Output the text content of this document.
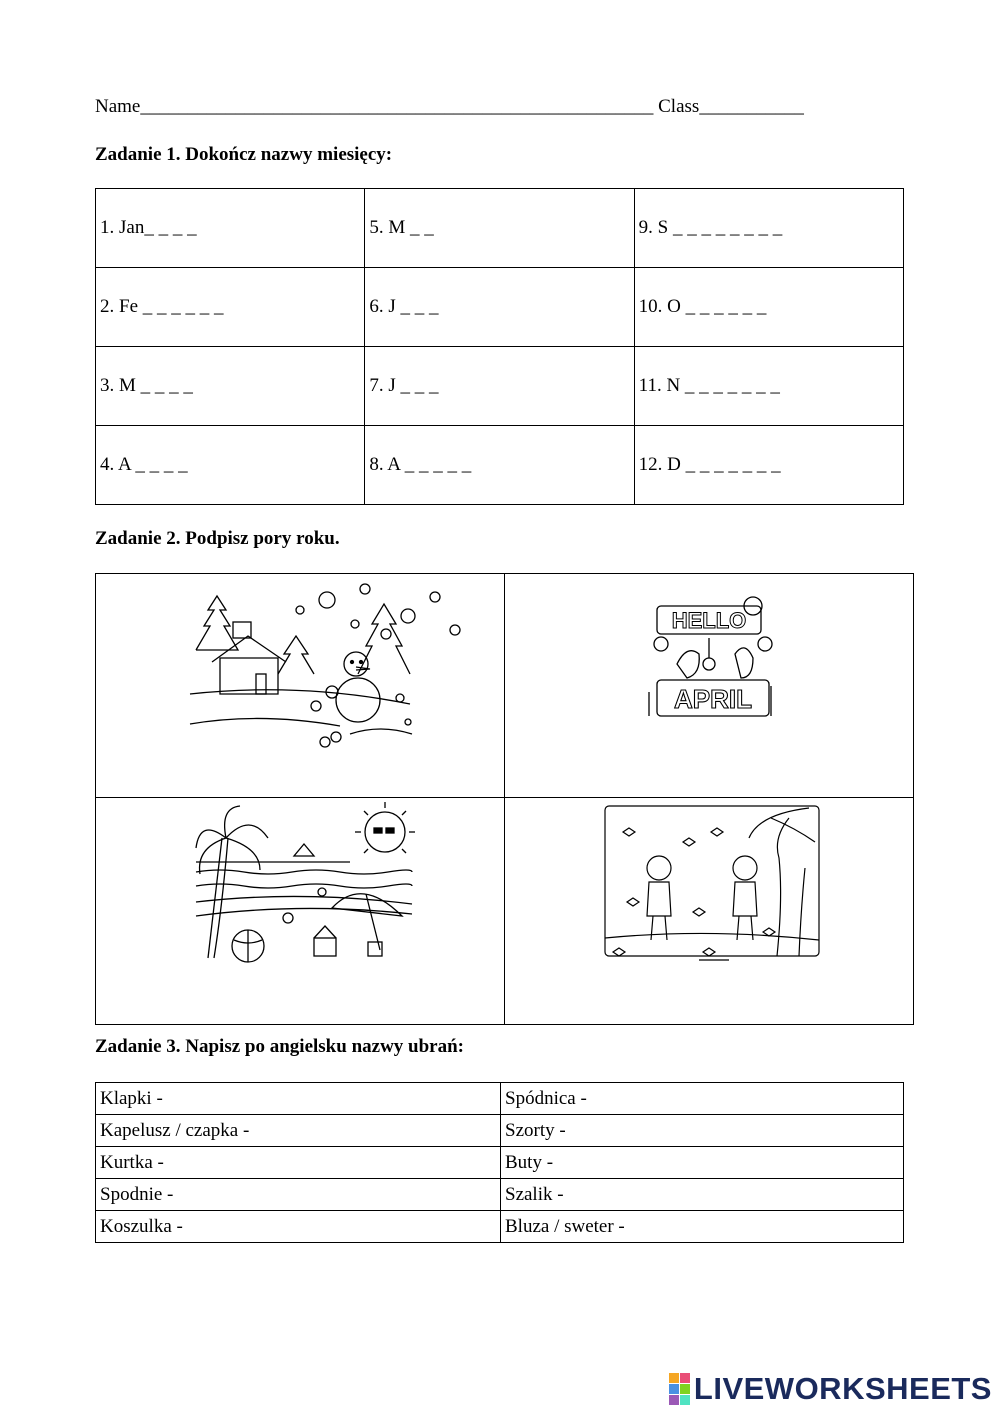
Name______________________________________________________ Class___________
Zadanie 1. Dokończ nazwy miesięcy:
1. Jan_ _ _ _	5. M _ _	9. S _ _ _ _ _ _ _ _
2. Fe _ _ _ _ _ _	6. J _ _ _	10. O _ _ _ _ _ _
3. M _ _ _ _	7. J _ _ _	11. N _ _ _ _ _ _ _
4. A _ _ _ _	8. A _ _ _ _ _	12. D _ _ _ _ _ _ _
Zadanie 2. Podpisz pory roku.

HELLO
APRIL

Zadanie 3. Napisz po angielsku nazwy ubrań:
Klapki -	Spódnica -
Kapelusz / czapka -	Szorty -
Kurtka -	Buty -
Spodnie -	Szalik -
Koszulka -	Bluza / sweter -
LIVEWORKSHEETS
